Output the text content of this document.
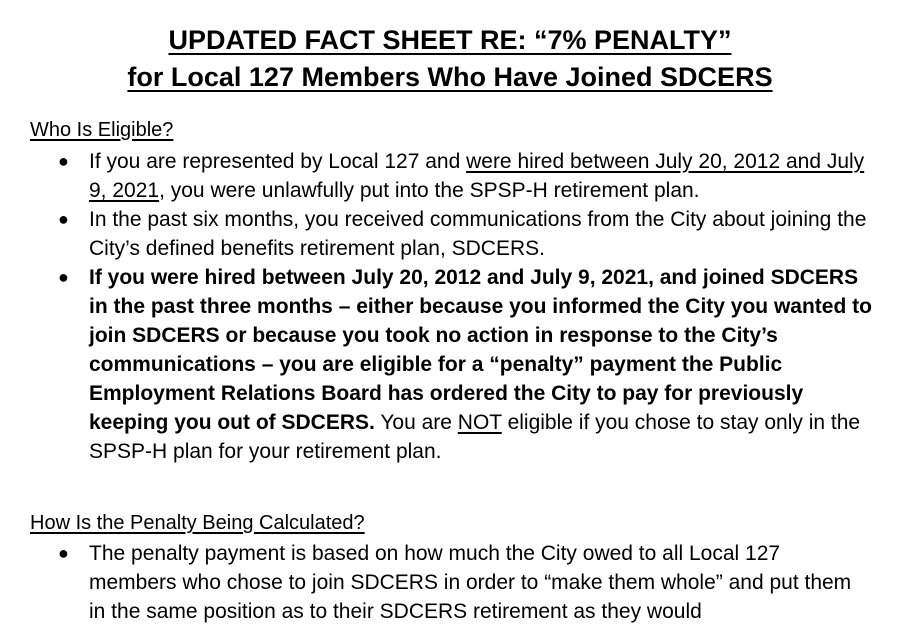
UPDATED FACT SHEET RE: “7% PENALTY”
for Local 127 Members Who Have Joined SDCERS
Who Is Eligible?
● If you are represented by Local 127 and were hired between July 20, 2012 and July 9, 2021, you were unlawfully put into the SPSP-H retirement plan.
● In the past six months, you received communications from the City about joining the City’s defined benefits retirement plan, SDCERS.
● If you were hired between July 20, 2012 and July 9, 2021, and joined SDCERS in the past three months – either because you informed the City you wanted to join SDCERS or because you took no action in response to the City’s communications – you are eligible for a “penalty” payment the Public Employment Relations Board has ordered the City to pay for previously keeping you out of SDCERS. You are NOT eligible if you chose to stay only in the SPSP-H plan for your retirement plan.
How Is the Penalty Being Calculated?
● The penalty payment is based on how much the City owed to all Local 127 members who chose to join SDCERS in order to “make them whole” and put them in the same position as to their SDCERS retirement as they would
